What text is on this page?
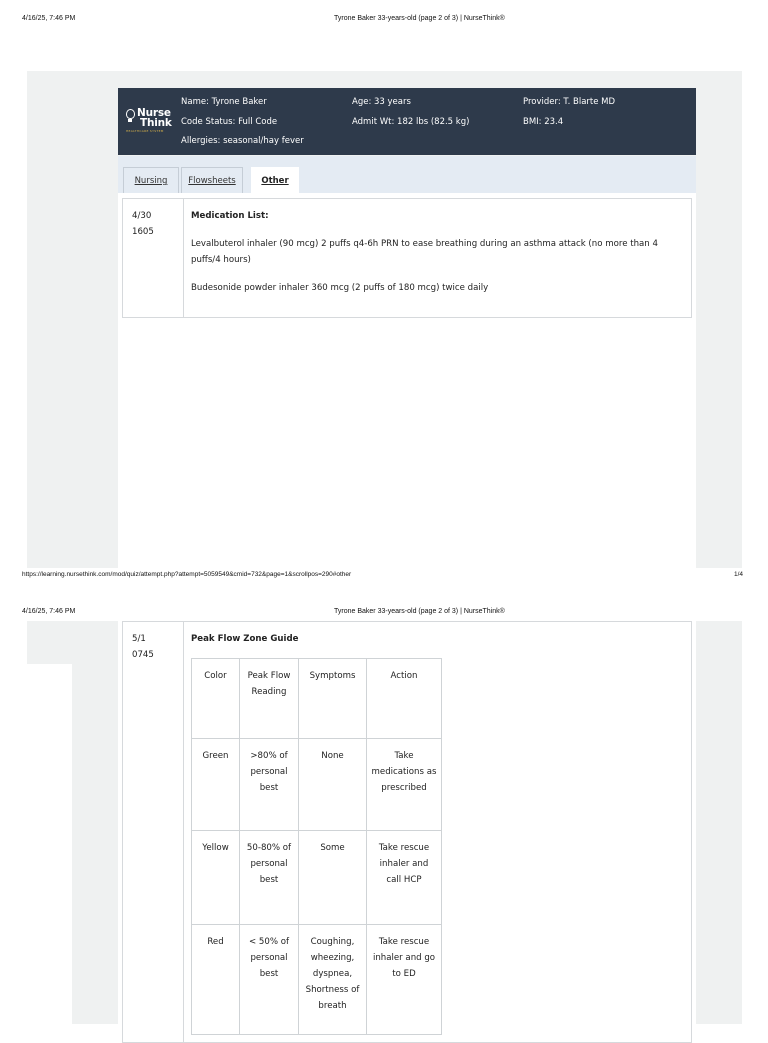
4/16/25, 7:46 PM	Tyrone Baker 33-years-old (page 2 of 3) | NurseThink®
Nurse
Think
HEALTHCARE SYSTEM
Name: Tyrone Baker
Code Status: Full Code
Allergies: seasonal/hay fever
Age: 33 years
Admit Wt: 182 lbs (82.5 kg)
Provider: T. Blarte MD
BMI: 23.4
Nursing	Flowsheets	Other
4/30
1605
Medication List:
Levalbuterol inhaler (90 mcg) 2 puffs q4-6h PRN to ease breathing during an asthma attack (no more than 4 puffs/4 hours)
Budesonide powder inhaler 360 mcg (2 puffs of 180 mcg) twice daily
https://learning.nursethink.com/mod/quiz/attempt.php?attempt=5059549&cmid=732&page=1&scrollpos=290#other	1/4
4/16/25, 7:46 PM	Tyrone Baker 33-years-old (page 2 of 3) | NurseThink®
5/1
0745
Peak Flow Zone Guide
Color	Peak Flow Reading	Symptoms	Action
Green	>80% of personal best	None	Take medications as prescribed
Yellow	50-80% of personal best	Some	Take rescue inhaler and call HCP
Red	< 50% of personal best	Coughing, wheezing, dyspnea, Shortness of breath	Take rescue inhaler and go to ED
